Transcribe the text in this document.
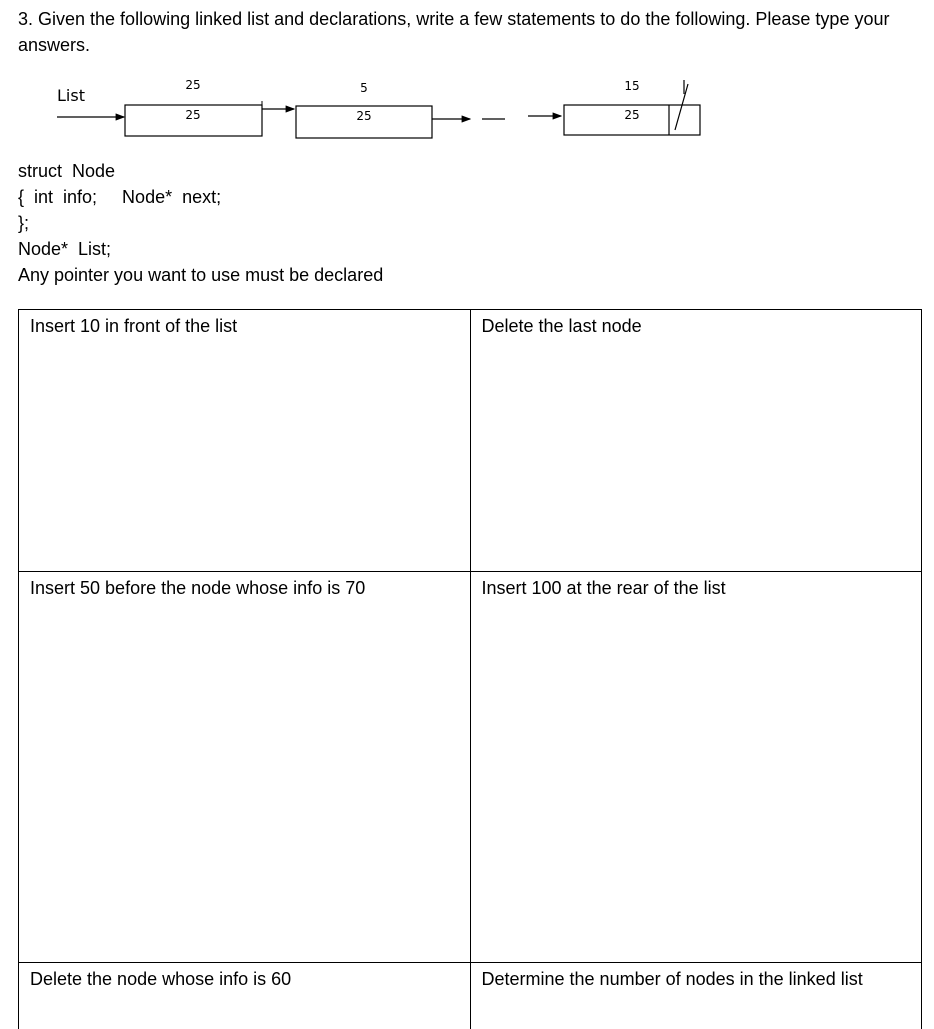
3. Given the following linked list and declarations, write a few statements to do the following. Please type your answers.

List
25
25
5
25
15
25
struct  Node
{  int  info;     Node*  next;
};
Node*  List;
Any pointer you want to use must be declared
Insert 10 in front of the list	Delete the last node
Insert 50 before the node whose info is 70	Insert 100 at the rear of the list
Delete the node whose info is 60	Determine the number of nodes in the linked list
